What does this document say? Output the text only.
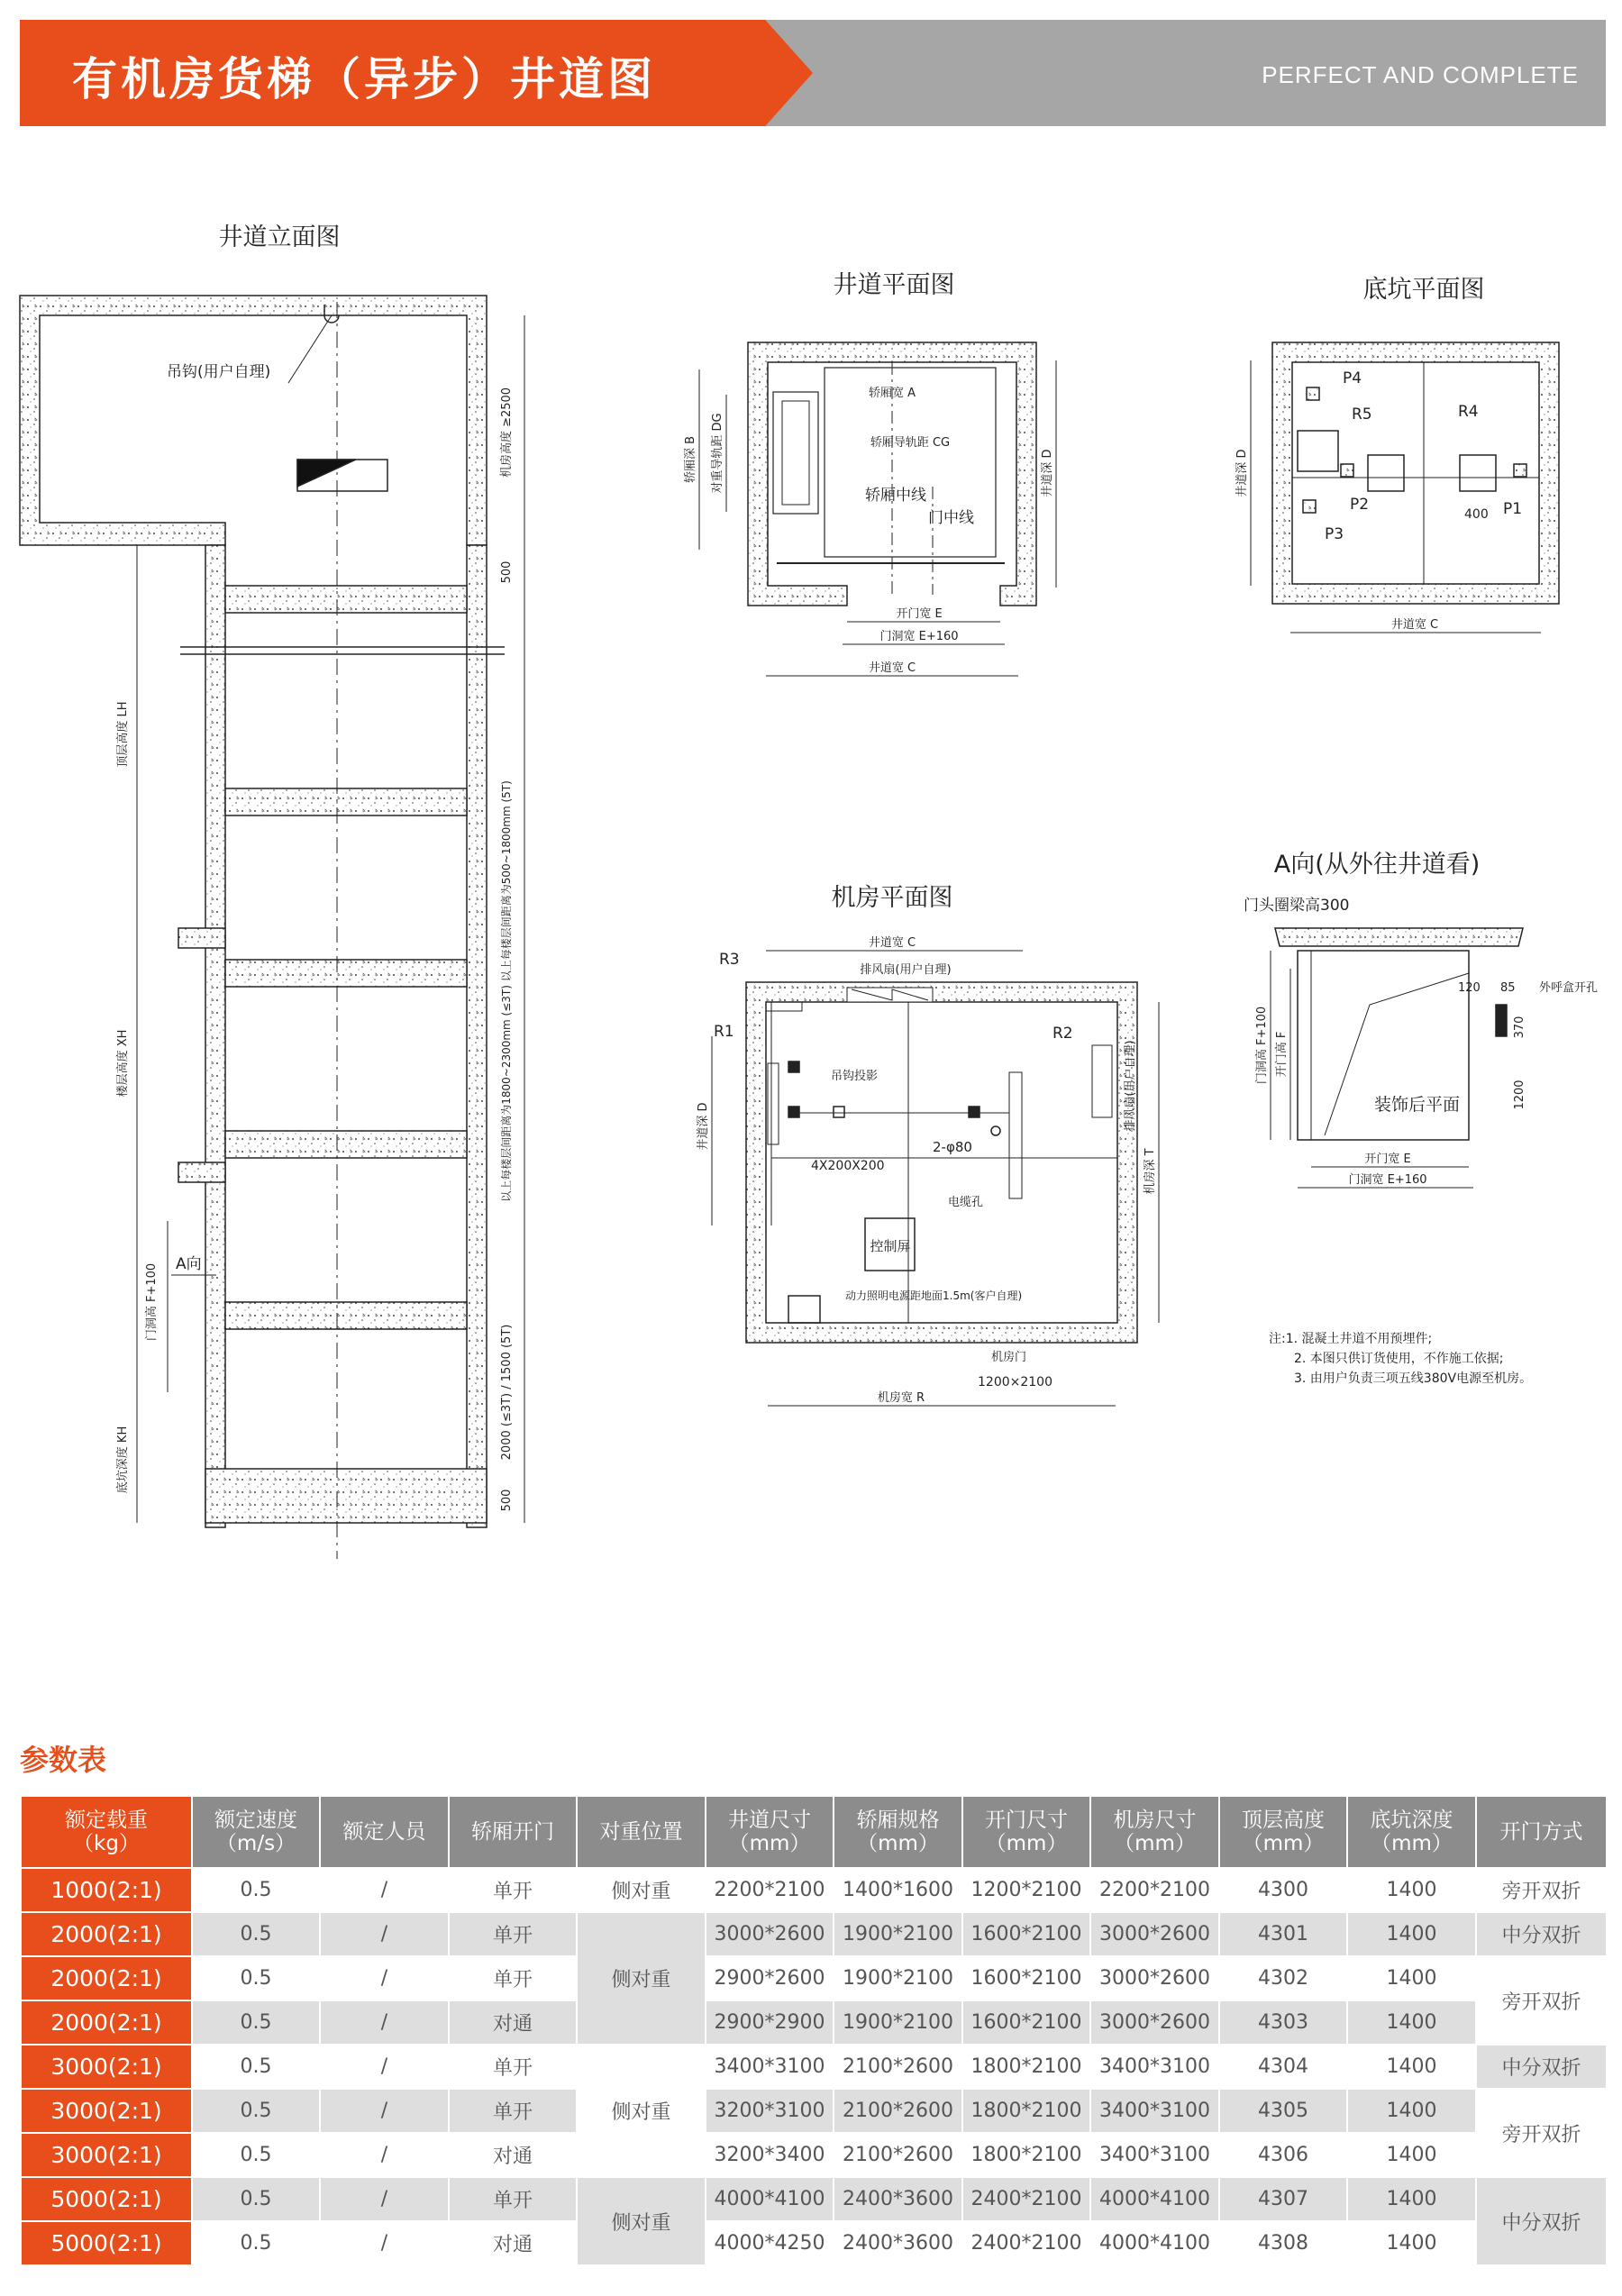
PERFECT AND COMPLETE
有机房货梯（异步）井道图
井道立面图
吊钩(用户自理)
机房高度 ≥2500
500
以上每楼层间距离为1800~2300mm (≤3T) 以上每楼层间距离为500~1800mm (5T)
2000 (≤3T) / 1500 (5T)
500
顶层高度 LH
楼层高度 XH
门洞高 F+100
底坑深度 KH
A向
井道平面图
轿厢宽 A
轿厢导轨距 CG
轿厢中线
门中线
开门宽 E
门洞宽 E+160
井道宽 C
井道深 D
轿厢深 B 对重导轨距 DG
底坑平面图
P4
R5	R4
P2
P3
P1
400
井道宽 C
井道深 D
机房平面图
井道宽 C
排风扇(用户自理)
排风扇(用户自理)
R3
R1	R2
吊钩投影
4X200X200
2-φ80
电缆孔
控制屏
动力照明电源距地面1.5m(客户自理)
机房门
1200×2100
机房宽 R
机房深 T
井道深 D
A向(从外往井道看)
门头圈梁高300
装饰后平面
外呼盒开孔
120 85
370
1200
门洞高 F+100 开门高 F
开门宽 E
门洞宽 E+160
注:1. 混凝土井道不用预埋件;
2. 本图只供订货使用，不作施工依据;
3. 由用户负责三项五线380V电源至机房。
参数表
额定载重
（kg）	额定速度
（m/s）	额定人员	轿厢开门	对重位置	井道尺寸
（mm）	轿厢规格
（mm）	开门尺寸
（mm）	机房尺寸
（mm）	顶层高度
（mm）	底坑深度
（mm）	开门方式
1000(2:1)	0.5	/	单开	侧对重	2200*2100	1400*1600	1200*2100	2200*2100	4300	1400	旁开双折
2000(2:1)	0.5	/	单开	侧对重	3000*2600	1900*2100	1600*2100	3000*2600	4301	1400	中分双折
2000(2:1)	0.5	/	单开		2900*2600	1900*2100	1600*2100	3000*2600	4302	1400	旁开双折
2000(2:1)	0.5	/	对通		2900*2900	1900*2100	1600*2100	3000*2600	4303	1400	
3000(2:1)	0.5	/	单开	侧对重	3400*3100	2100*2600	1800*2100	3400*3100	4304	1400	中分双折
3000(2:1)	0.5	/	单开		3200*3100	2100*2600	1800*2100	3400*3100	4305	1400	旁开双折
3000(2:1)	0.5	/	对通		3200*3400	2100*2600	1800*2100	3400*3100	4306	1400	
5000(2:1)	0.5	/	单开	侧对重	4000*4100	2400*3600	2400*2100	4000*4100	4307	1400	中分双折
5000(2:1)	0.5	/	对通		4000*4250	2400*3600	2400*2100	4000*4100	4308	1400	
